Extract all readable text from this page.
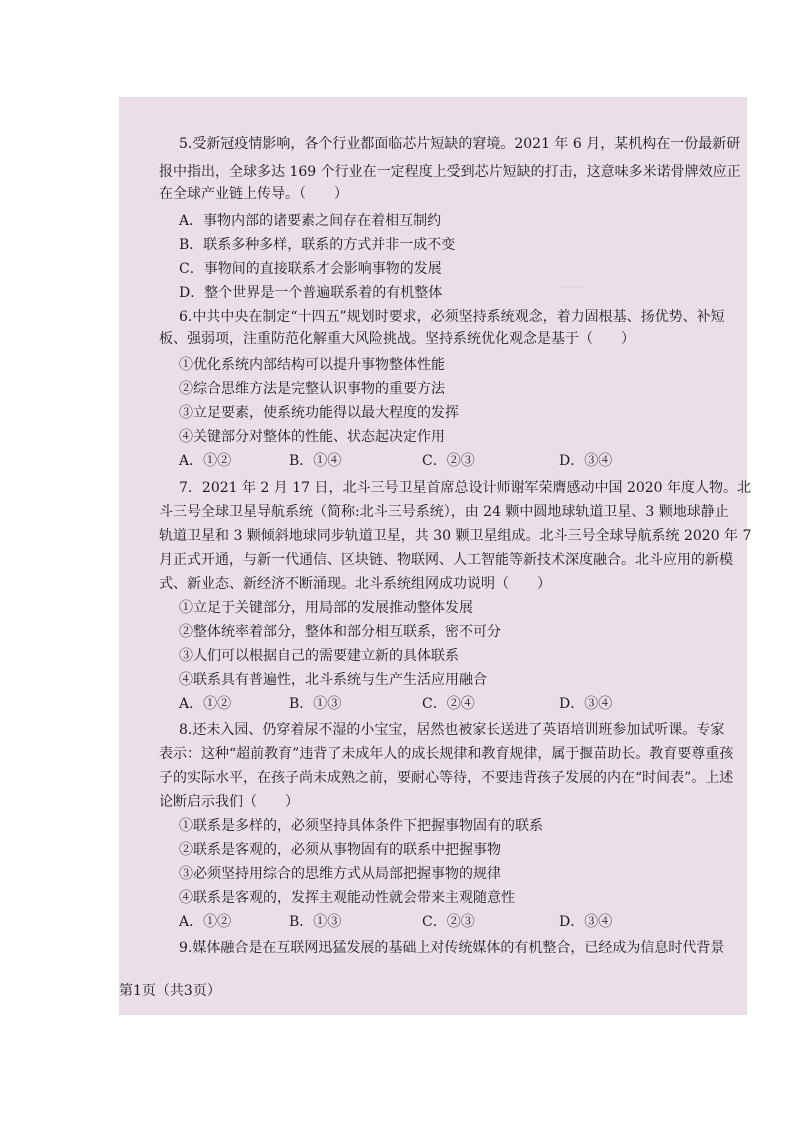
……
5.受新冠疫情影响，各个行业都面临芯片短缺的窘境。2021 年 6 月，某机构在一份最新研
报中指出，全球多达 169 个行业在一定程度上受到芯片短缺的打击，这意味多米诺骨牌效应正
在全球产业链上传导。（　　）
A．事物内部的诸要素之间存在着相互制约
B．联系多种多样，联系的方式并非一成不变
C．事物间的直接联系才会影响事物的发展
D．整个世界是一个普遍联系着的有机整体
6.中共中央在制定“十四五”规划时要求，必须坚持系统观念，着力固根基、扬优势、补短
板、强弱项，注重防范化解重大风险挑战。坚持系统优化观念是基于（　　）
①优化系统内部结构可以提升事物整体性能
②综合思维方法是完整认识事物的重要方法
③立足要素，使系统功能得以最大程度的发挥
④关键部分对整体的性能、状态起决定作用
A．①②	B．①④	C．②③	D．③④
7．2021 年 2 月 17 日，北斗三号卫星首席总设计师谢军荣膺感动中国 2020 年度人物。北
斗三号全球卫星导航系统（简称:北斗三号系统），由 24 颗中圆地球轨道卫星、3 颗地球静止
轨道卫星和 3 颗倾斜地球同步轨道卫星，共 30 颗卫星组成。北斗三号全球导航系统 2020 年 7
月正式开通，与新一代通信、区块链、物联网、人工智能等新技术深度融合。北斗应用的新模
式、新业态、新经济不断涌现。北斗系统组网成功说明（　　）
①立足于关键部分，用局部的发展推动整体发展
②整体统率着部分，整体和部分相互联系，密不可分
③人们可以根据自己的需要建立新的具体联系
④联系具有普遍性，北斗系统与生产生活应用融合
A．①②	B．①③	C．②④	D．③④
8.还未入园、仍穿着尿不湿的小宝宝，居然也被家长送进了英语培训班参加试听课。专家
表示：这种“超前教育”违背了未成年人的成长规律和教育规律，属于揠苗助长。教育要尊重孩
子的实际水平，在孩子尚未成熟之前，要耐心等待，不要违背孩子发展的内在“时间表”。上述
论断启示我们（　　）
①联系是多样的，必须坚持具体条件下把握事物固有的联系
②联系是客观的，必须从事物固有的联系中把握事物
③必须坚持用综合的思维方式从局部把握事物的规律
④联系是客观的，发挥主观能动性就会带来主观随意性
A．①②	B．①③	C．②③	D．③④
9.媒体融合是在互联网迅猛发展的基础上对传统媒体的有机整合，已经成为信息时代背景
第1页（共3页）
